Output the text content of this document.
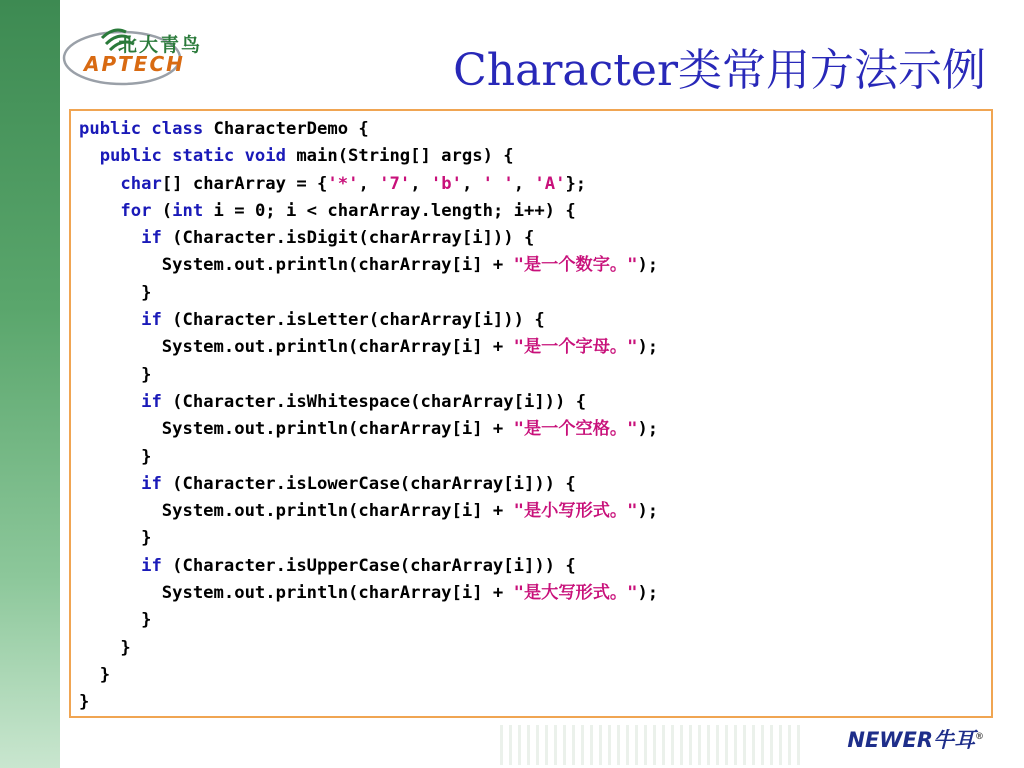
北大青鸟
APTECH	Character类常用方法示例
public class CharacterDemo {
public static void main(String[] args) {
char[] charArray = {'*', '7', 'b', ' ', 'A'};
for (int i = 0; i < charArray.length; i++) {
if (Character.isDigit(charArray[i])) {
System.out.println(charArray[i] + "是一个数字。");
}
if (Character.isLetter(charArray[i])) {
System.out.println(charArray[i] + "是一个字母。");
}
if (Character.isWhitespace(charArray[i])) {
System.out.println(charArray[i] + "是一个空格。");
}
if (Character.isLowerCase(charArray[i])) {
System.out.println(charArray[i] + "是小写形式。");
}
if (Character.isUpperCase(charArray[i])) {
System.out.println(charArray[i] + "是大写形式。");
}
}
}
}
NEWER牛耳®
